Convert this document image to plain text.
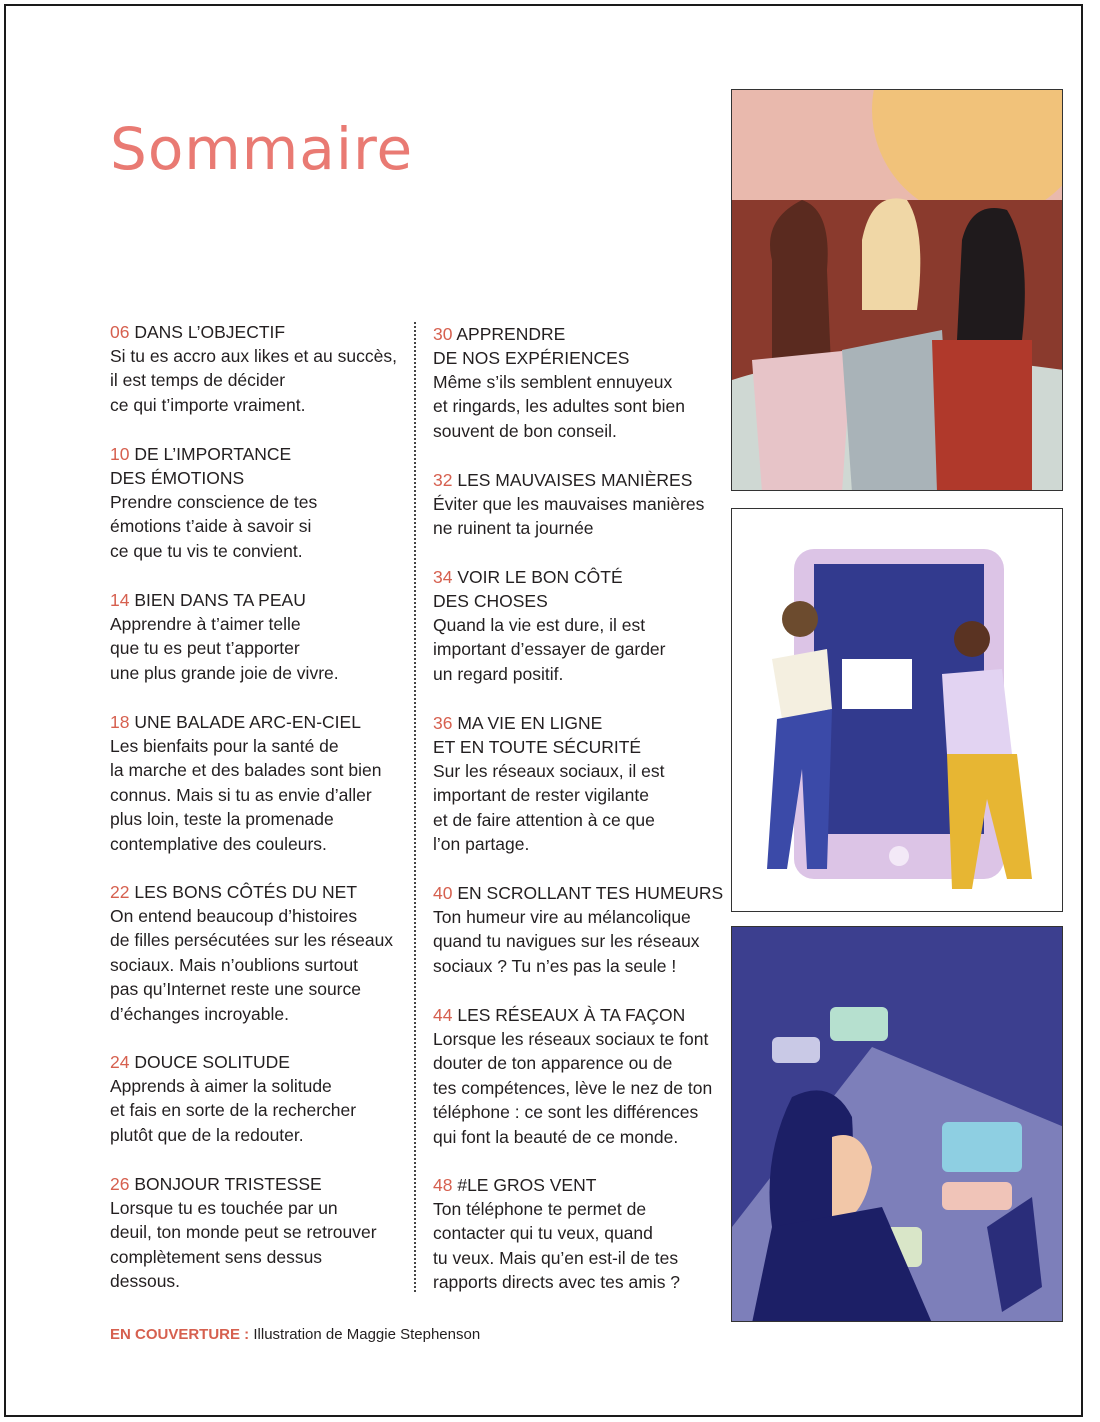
Sommaire
06 DANS L’OBJECTIF
Si tu es accro aux likes et au succès,
il est temps de décider
ce qui t’importe vraiment.
10 DE L’IMPORTANCE
DES ÉMOTIONS
Prendre conscience de tes
émotions t’aide à savoir si
ce que tu vis te convient.
14 BIEN DANS TA PEAU
Apprendre à t’aimer telle
que tu es peut t’apporter
une plus grande joie de vivre.
18 UNE BALADE ARC-EN-CIEL
Les bienfaits pour la santé de
la marche et des balades sont bien
connus. Mais si tu as envie d’aller
plus loin, teste la promenade
contemplative des couleurs.
22 LES BONS CÔTÉS DU NET
On entend beaucoup d’histoires
de filles persécutées sur les réseaux
sociaux. Mais n’oublions surtout
pas qu’Internet reste une source
d’échanges incroyable.
24 DOUCE SOLITUDE
Apprends à aimer la solitude
et fais en sorte de la rechercher
plutôt que de la redouter.
26 BONJOUR TRISTESSE
Lorsque tu es touchée par un
deuil, ton monde peut se retrouver
complètement sens dessus
dessous.
30 APPRENDRE
DE NOS EXPÉRIENCES
Même s’ils semblent ennuyeux
et ringards, les adultes sont bien
souvent de bon conseil.
32 LES MAUVAISES MANIÈRES
Éviter que les mauvaises manières
ne ruinent ta journée
34 VOIR LE BON CÔTÉ
DES CHOSES
Quand la vie est dure, il est
important d’essayer de garder
un regard positif.
36 MA VIE EN LIGNE
ET EN TOUTE SÉCURITÉ
Sur les réseaux sociaux, il est
important de rester vigilante
et de faire attention à ce que
l’on partage.
40 EN SCROLLANT TES HUMEURS
Ton humeur vire au mélancolique
quand tu navigues sur les réseaux
sociaux ? Tu n’es pas la seule !
44 LES RÉSEAUX À TA FAÇON
Lorsque les réseaux sociaux te font
douter de ton apparence ou de
tes compétences, lève le nez de ton
téléphone : ce sont les différences
qui font la beauté de ce monde.
48 #LE GROS VENT
Ton téléphone te permet de
contacter qui tu veux, quand
tu veux. Mais qu’en est-il de tes
rapports directs avec tes amis ?
EN COUVERTURE : Illustration de Maggie Stephenson
